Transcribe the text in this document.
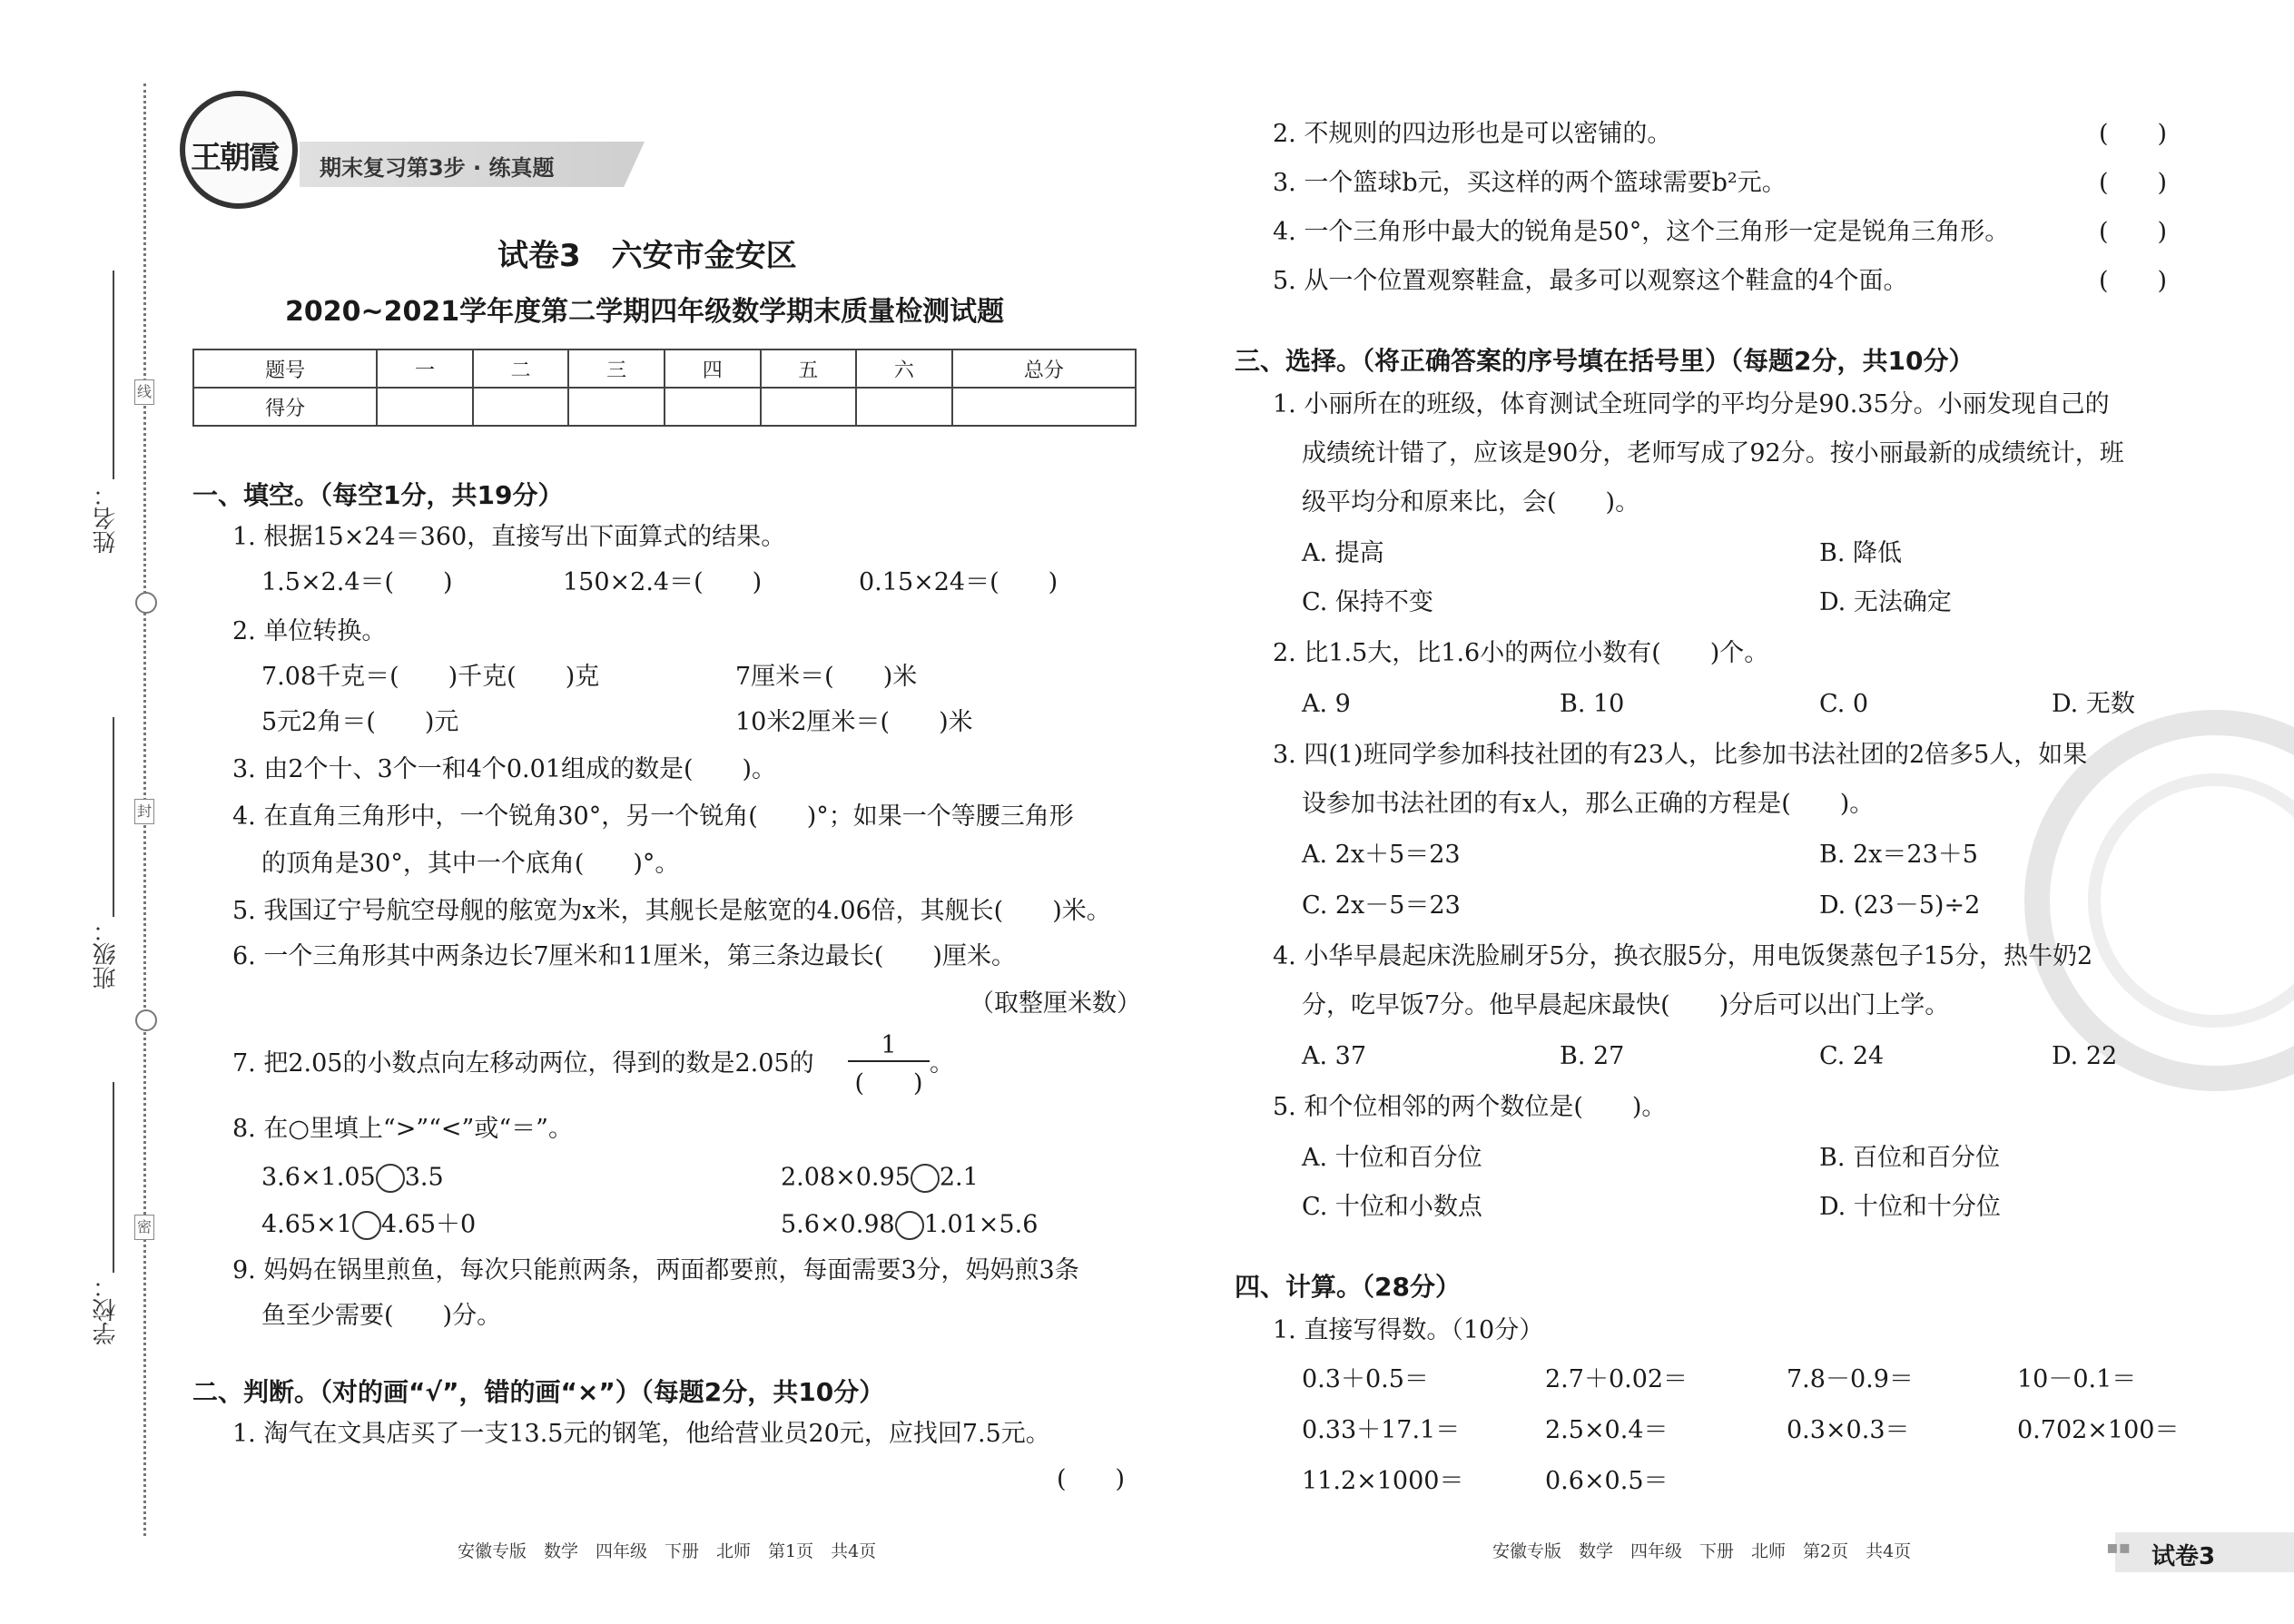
线
封
密
姓名：
班级：
学校：
王朝霞 期末复习第3步 · 练真题
试卷3　六安市金安区
2020~2021学年度第二学期四年级数学期末质量检测试题
题号	一	二	三	四	五	六	总分
得分							
一、填空。（每空1分，共19分）
1. 根据15×24＝360，直接写出下面算式的结果。
1.5×2.4＝(　　)	150×2.4＝(　　)	0.15×24＝(　　)
2. 单位转换。
7.08千克＝(　　)千克(　　)克	7厘米＝(　　)米
5元2角＝(　　)元	10米2厘米＝(　　)米
3. 由2个十、3个一和4个0.01组成的数是(　　)。
4. 在直角三角形中，一个锐角30°，另一个锐角(　　)°；如果一个等腰三角形
的顶角是30°，其中一个底角(　　)°。
5. 我国辽宁号航空母舰的舷宽为x米，其舰长是舷宽的4.06倍，其舰长(　　)米。
6. 一个三角形其中两条边长7厘米和11厘米，第三条边最长(　　)厘米。
（取整厘米数）
7. 把2.05的小数点向左移动两位，得到的数是2.05的
1
(　　)
。
8. 在○里填上“>”“<”或“＝”。
3.6×1.05 3.5	2.08×0.95 2.1
4.65×1 4.65＋0	5.6×0.98 1.01×5.6
9. 妈妈在锅里煎鱼，每次只能煎两条，两面都要煎，每面需要3分，妈妈煎3条
鱼至少需要(　　)分。
二、判断。（对的画“√”，错的画“×”）（每题2分，共10分）
1. 淘气在文具店买了一支13.5元的钢笔，他给营业员20元，应找回7.5元。
(　　)
安徽专版　数学　四年级　下册　北师　第1页　共4页
2. 不规则的四边形也是可以密铺的。	(　　)
3. 一个篮球b元，买这样的两个篮球需要b²元。	(　　)
4. 一个三角形中最大的锐角是50°，这个三角形一定是锐角三角形。	(　　)
5. 从一个位置观察鞋盒，最多可以观察这个鞋盒的4个面。	(　　)
三、选择。（将正确答案的序号填在括号里）（每题2分，共10分）
1. 小丽所在的班级，体育测试全班同学的平均分是90.35分。小丽发现自己的
成绩统计错了，应该是90分，老师写成了92分。按小丽最新的成绩统计，班
级平均分和原来比，会(　　)。
A. 提高	B. 降低
C. 保持不变	D. 无法确定
2. 比1.5大，比1.6小的两位小数有(　　)个。
A. 9	B. 10	C. 0	D. 无数
3. 四(1)班同学参加科技社团的有23人，比参加书法社团的2倍多5人，如果
设参加书法社团的有x人，那么正确的方程是(　　)。
A. 2x＋5＝23	B. 2x＝23＋5
C. 2x－5＝23	D. (23－5)÷2
4. 小华早晨起床洗脸刷牙5分，换衣服5分，用电饭煲蒸包子15分，热牛奶2
分，吃早饭7分。他早晨起床最快(　　)分后可以出门上学。
A. 37	B. 27	C. 24	D. 22
5. 和个位相邻的两个数位是(　　)。
A. 十位和百分位	B. 百位和百分位
C. 十位和小数点	D. 十位和十分位
四、计算。（28分）
1. 直接写得数。（10分）
0.3＋0.5＝	2.7＋0.02＝	7.8－0.9＝	10－0.1＝
0.33＋17.1＝	2.5×0.4＝	0.3×0.3＝	0.702×100＝
11.2×1000＝	0.6×0.5＝
安徽专版　数学　四年级　下册　北师　第2页　共4页	▪▪ 试卷3
